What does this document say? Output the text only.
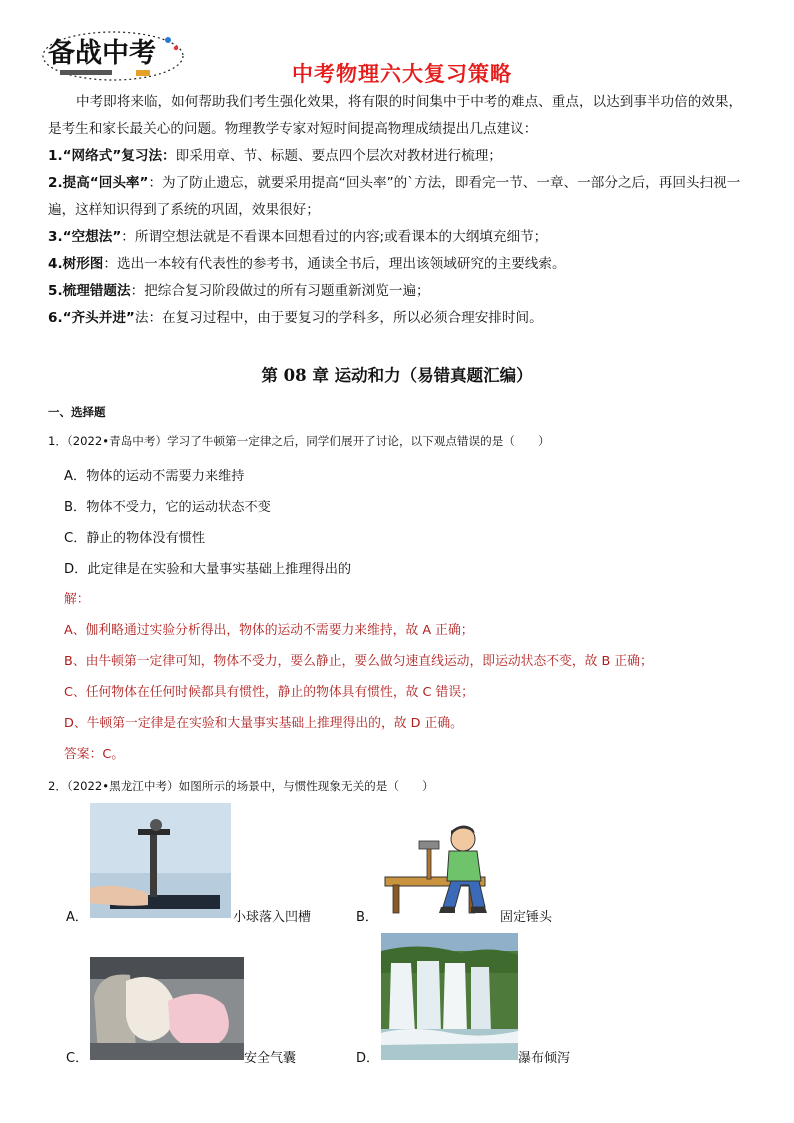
备战中考
中考物理六大复习策略

中考即将来临，如何帮助我们考生强化效果，将有限的时间集中于中考的难点、重点，以达到事半功倍的效果，是考生和家长最关心的问题。物理教学专家对短时间提高物理成绩提出几点建议：

1.“网络式”复习法：即采用章、节、标题、要点四个层次对教材进行梳理；

2.提高“回头率”：为了防止遗忘，就要采用提高“回头率”的`方法，即看完一节、一章、一部分之后，再回头扫视一遍，这样知识得到了系统的巩固，效果很好；

3.“空想法”：所谓空想法就是不看课本回想看过的内容;或看课本的大纲填充细节；

4.树形图：选出一本较有代表性的参考书，通读全书后，理出该领域研究的主要线索。

5.梳理错题法：把综合复习阶段做过的所有习题重新浏览一遍；

6.“齐头并进”法：在复习过程中，由于要复习的学科多，所以必须合理安排时间。

第 08 章 运动和力（易错真题汇编）
一、选择题
1．（2022•青岛中考）学习了牛顿第一定律之后，同学们展开了讨论，以下观点错误的是（　　）
A．物体的运动不需要力来维持
B．物体不受力，它的运动状态不变
C．静止的物体没有惯性
D．此定律是在实验和大量事实基础上推理得出的
解：
A、伽利略通过实验分析得出，物体的运动不需要力来维持，故 A 正确；
B、由牛顿第一定律可知，物体不受力，要么静止，要么做匀速直线运动，即运动状态不变，故 B 正确；
C、任何物体在任何时候都具有惯性，静止的物体具有惯性，故 C 错误；
D、牛顿第一定律是在实验和大量事实基础上推理得出的，故 D 正确。
答案：C。
2．（2022•黑龙江中考）如图所示的场景中，与惯性现象无关的是（　　）
A．	小球落入凹槽	B．	固定锤头
C．	安全气囊	D．	瀑布倾泻
